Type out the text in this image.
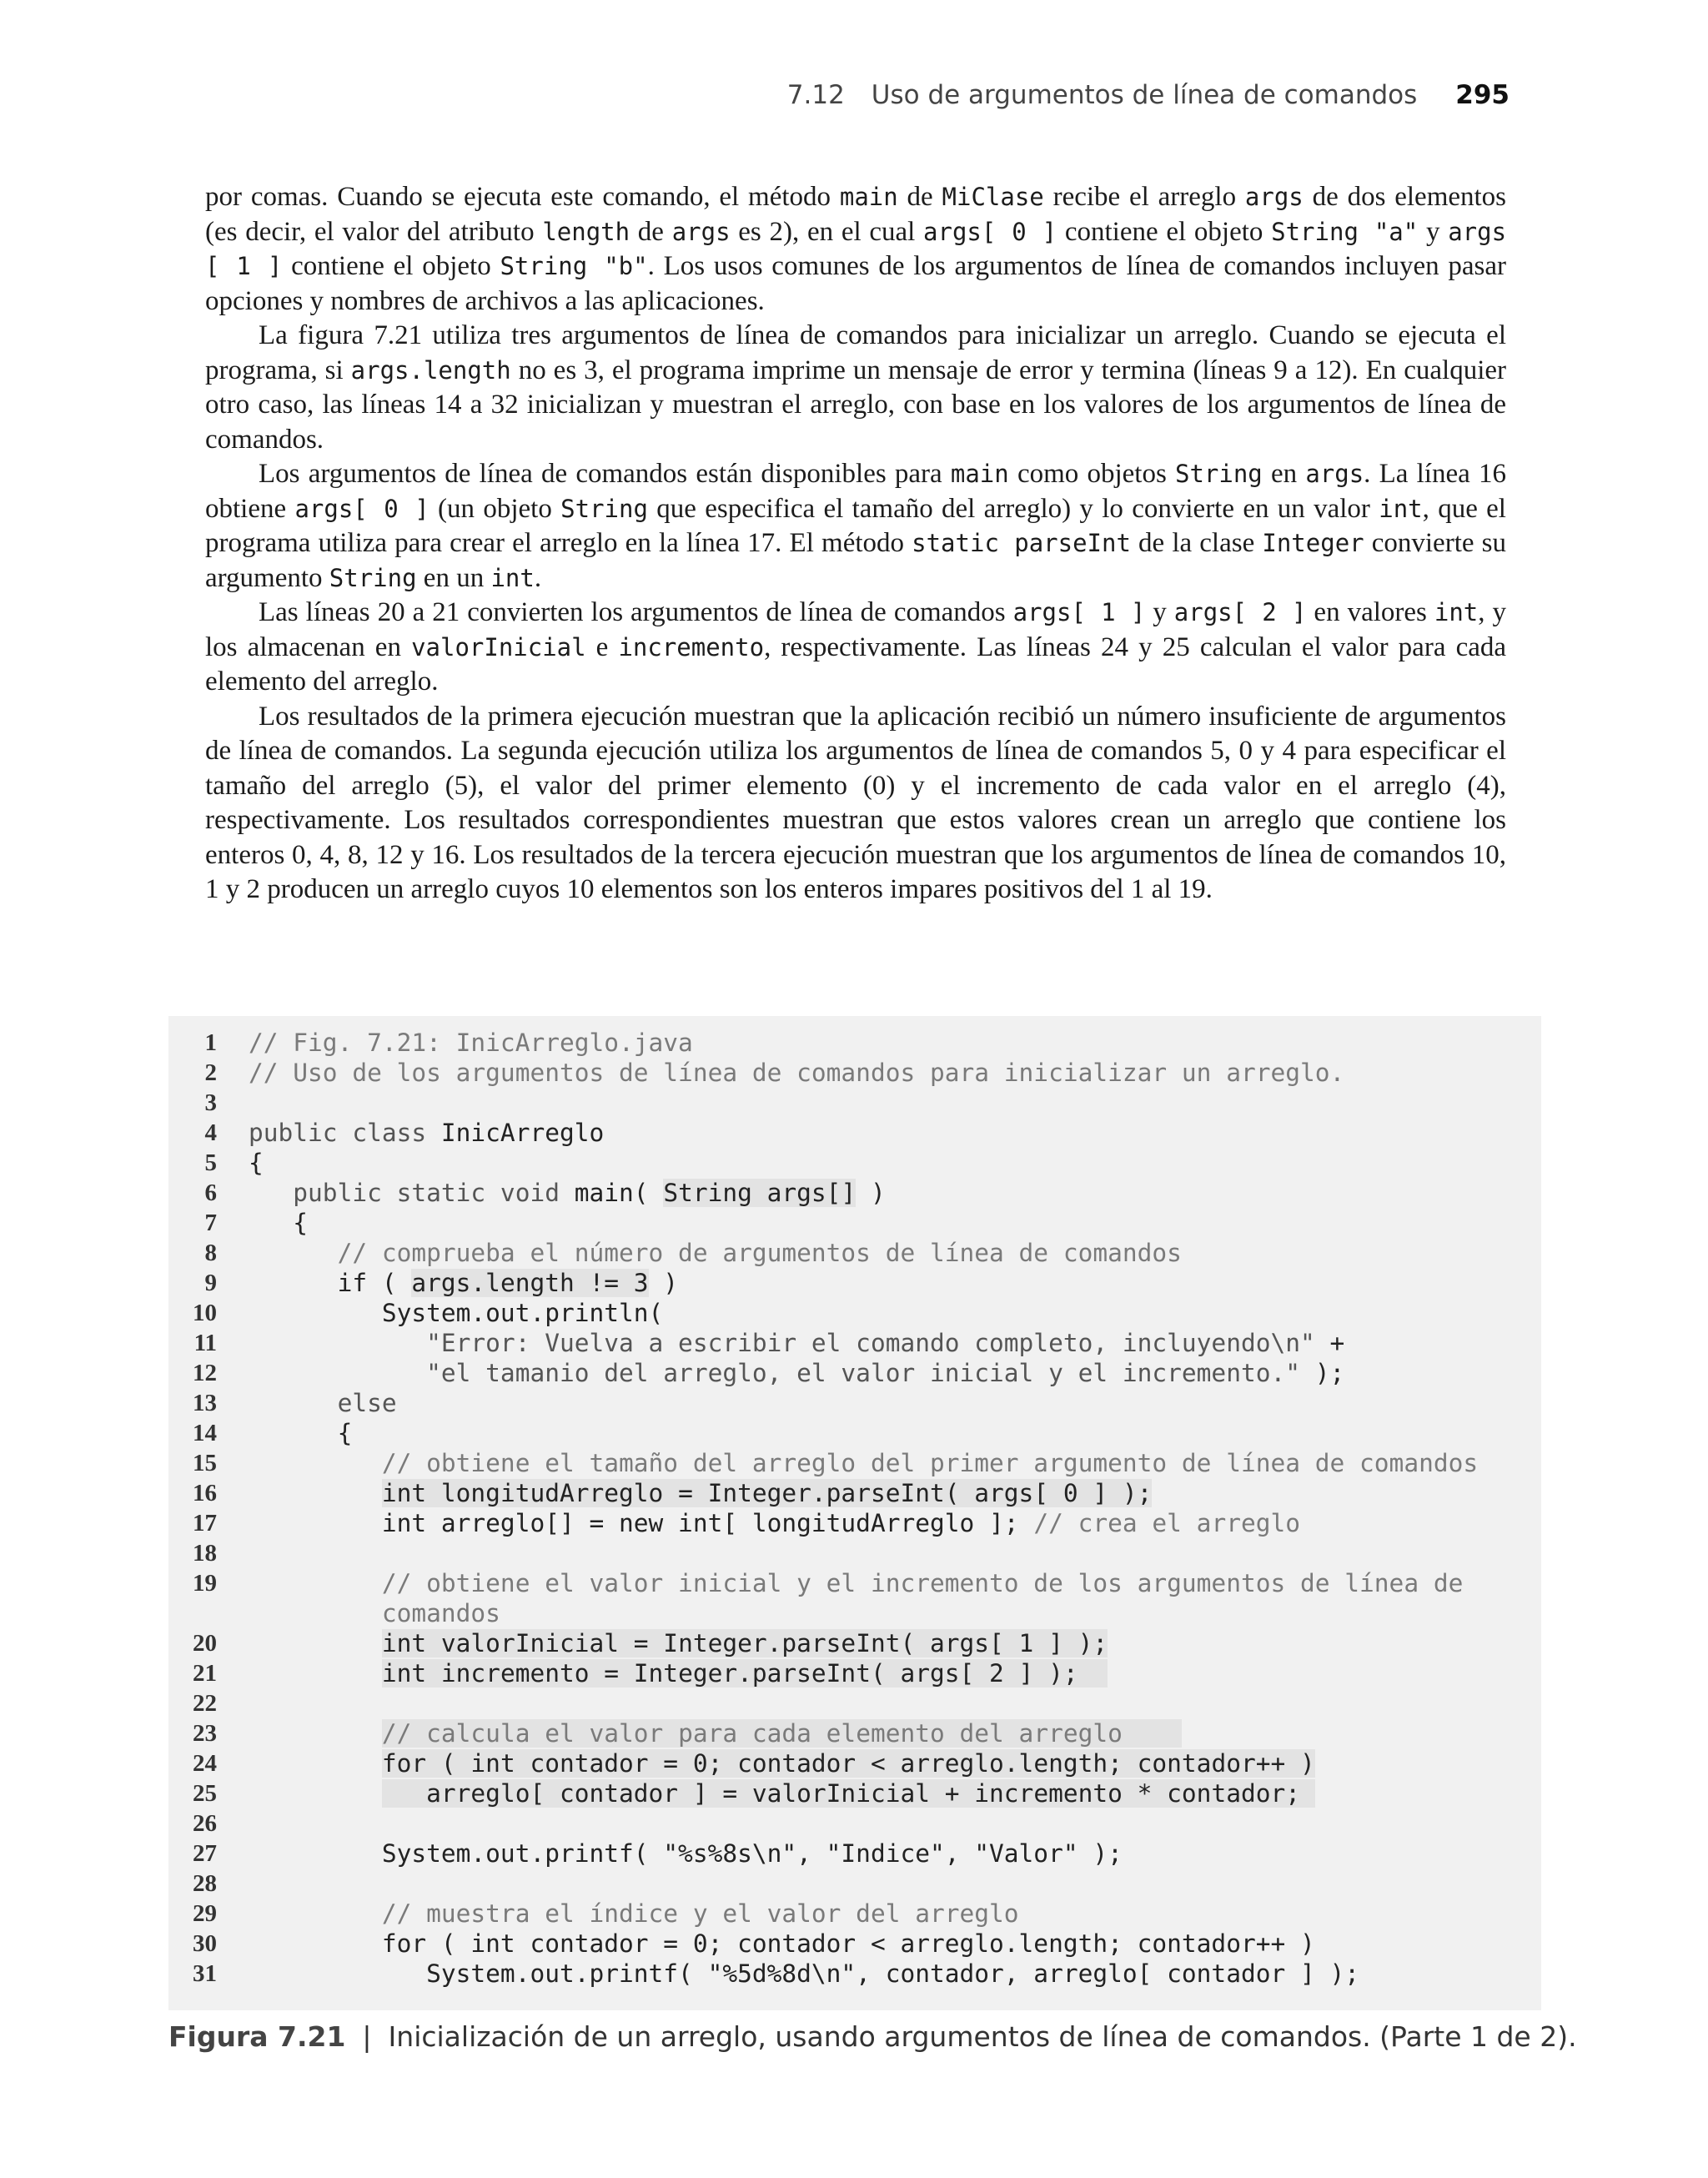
7.12 Uso de argumentos de línea de comandos 295

por comas. Cuando se ejecuta este comando, el método main de MiClase recibe el arreglo args de dos elementos (es decir, el valor del atributo length de args es 2), en el cual args[ 0 ] contiene el objeto String "a" y args [ 1 ] contiene el objeto String "b". Los usos comunes de los argumentos de línea de comandos incluyen pasar opciones y nombres de archivos a las aplicaciones.

La figura 7.21 utiliza tres argumentos de línea de comandos para inicializar un arreglo. Cuando se ejecuta el programa, si args.length no es 3, el programa imprime un mensaje de error y termina (líneas 9 a 12). En cualquier otro caso, las líneas 14 a 32 inicializan y muestran el arreglo, con base en los valores de los argumentos de línea de comandos.

Los argumentos de línea de comandos están disponibles para main como objetos String en args. La línea 16 obtiene args[ 0 ] (un objeto String que especifica el tamaño del arreglo) y lo convierte en un valor int, que el programa utiliza para crear el arreglo en la línea 17. El método static parseInt de la clase Integer convierte su argumento String en un int.

Las líneas 20 a 21 convierten los argumentos de línea de comandos args[ 1 ] y args[ 2 ] en valores int, y los almacenan en valorInicial e incremento, respectivamente. Las líneas 24 y 25 calculan el valor para cada elemento del arreglo.

Los resultados de la primera ejecución muestran que la aplicación recibió un número insuficiente de argumentos de línea de comandos. La segunda ejecución utiliza los argumentos de línea de comandos 5, 0 y 4 para especificar el tamaño del arreglo (5), el valor del primer elemento (0) y el incremento de cada valor en el arreglo (4), respectivamente. Los resultados correspondientes muestran que estos valores crean un arreglo que contiene los enteros 0, 4, 8, 12 y 16. Los resultados de la tercera ejecución muestran que los argumentos de línea de comandos 10, 1 y 2 producen un arreglo cuyos 10 elementos son los enteros impares positivos del 1 al 19.

1 // Fig. 7.21: InicArreglo.java
2 // Uso de los argumentos de línea de comandos para inicializar un arreglo.
3
4 public class InicArreglo
5 {
6 public static void main( String args[] )
7 {
8 // comprueba el número de argumentos de línea de comandos
9 if ( args.length != 3 )
10 System.out.println(
11 "Error: Vuelva a escribir el comando completo, incluyendo\n" +
12 "el tamanio del arreglo, el valor inicial y el incremento." );
13 else
14 {
15 // obtiene el tamaño del arreglo del primer argumento de línea de comandos
16	int longitudArreglo = Integer.parseInt( args[ 0 ] );
17 int arreglo[] = new int[ longitudArreglo ]; // crea el arreglo
18
19 // obtiene el valor inicial y el incremento de los argumentos de línea de
comandos
20	int valorInicial = Integer.parseInt( args[ 1 ] );
21	int incremento = Integer.parseInt( args[ 2 ] );
22
23	// calcula el valor para cada elemento del arreglo
24	for ( int contador = 0; contador < arreglo.length; contador++ )
25	arreglo[ contador ] = valorInicial + incremento * contador;
26
27 System.out.printf( "%s%8s\n", "Indice", "Valor" );
28
29 // muestra el índice y el valor del arreglo
30 for ( int contador = 0; contador < arreglo.length; contador++ )
31 System.out.printf( "%5d%8d\n", contador, arreglo[ contador ] );
Figura 7.21 | Inicialización de un arreglo, usando argumentos de línea de comandos. (Parte 1 de 2).
